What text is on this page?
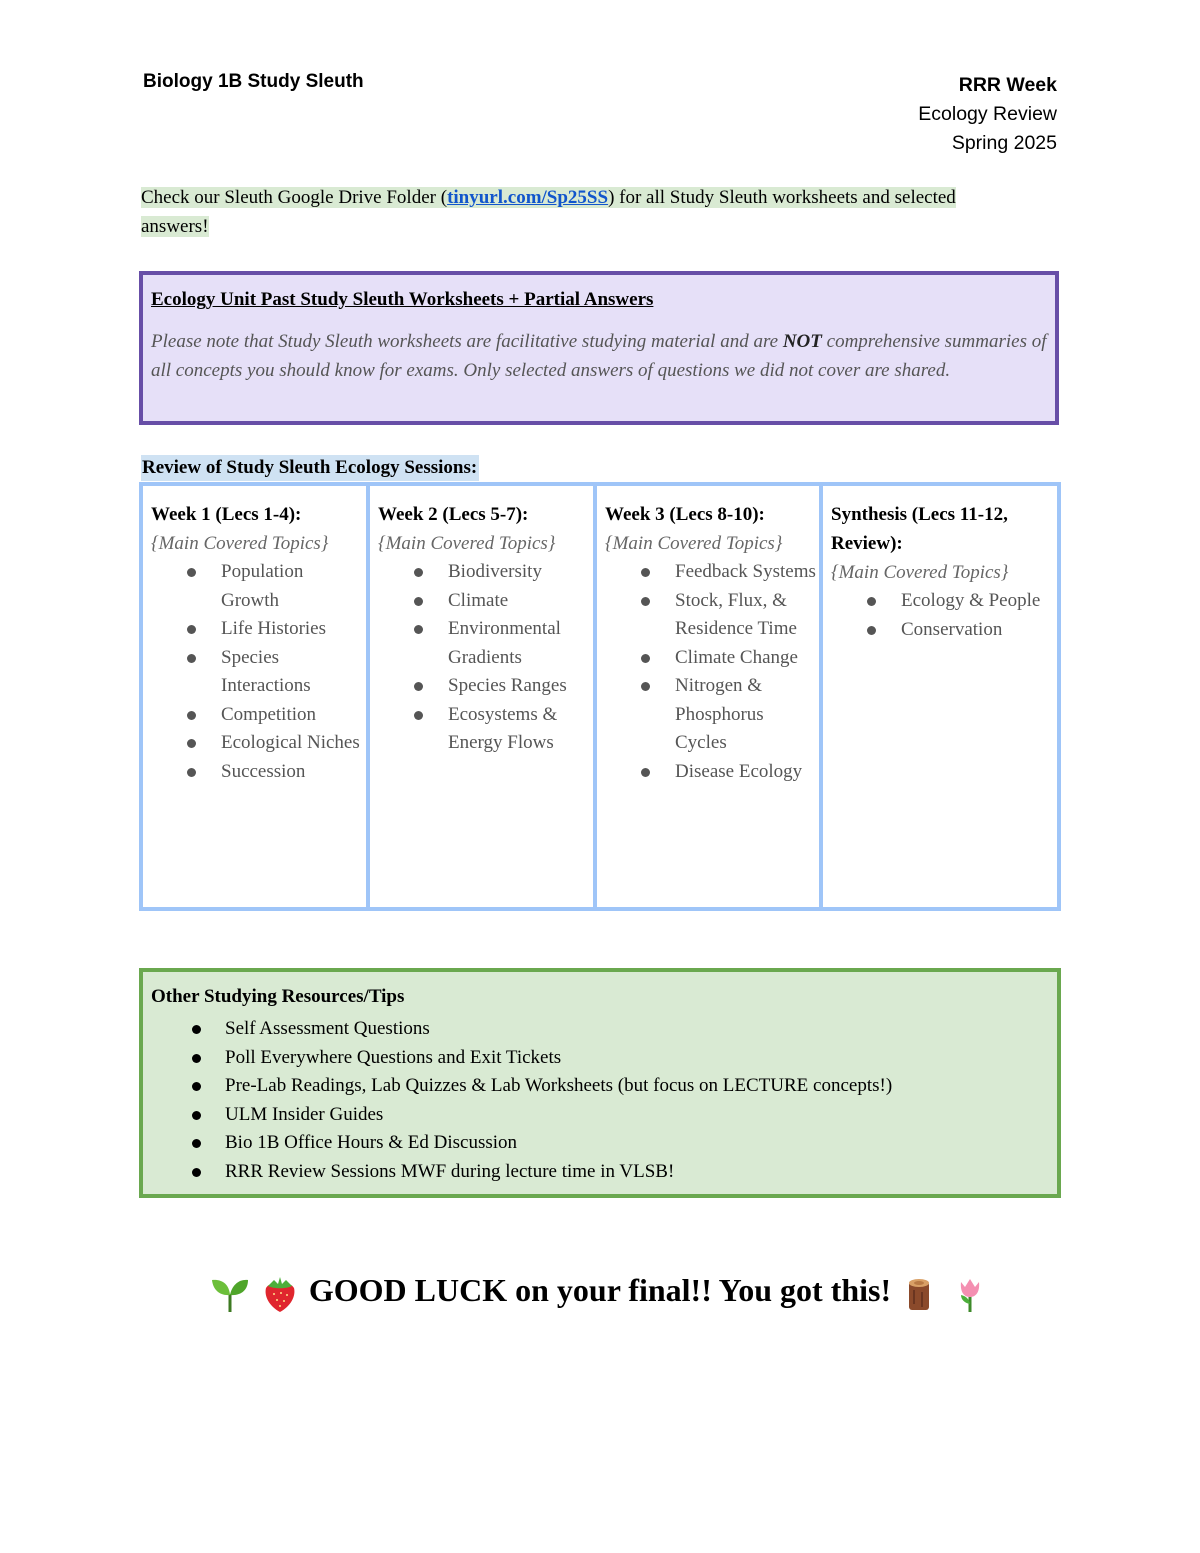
Biology 1B Study Sleuth	RRR Week
Ecology Review
Spring 2025
Check our Sleuth Google Drive Folder (tinyurl.com/Sp25SS) for all Study Sleuth worksheets and selected answers!
Ecology Unit Past Study Sleuth Worksheets + Partial Answers
Please note that Study Sleuth worksheets are facilitative studying material and are NOT comprehensive summaries of all concepts you should know for exams. Only selected answers of questions we did not cover are shared.
Review of Study Sleuth Ecology Sessions:
Week 1 (Lecs 1-4):
{Main Covered Topics}
Population Growth
Life Histories
Species Interactions
Competition
Ecological Niches
Succession
Week 2 (Lecs 5-7):
{Main Covered Topics}
Biodiversity
Climate
Environmental Gradients
Species Ranges
Ecosystems & Energy Flows
Week 3 (Lecs 8-10):
{Main Covered Topics}
Feedback Systems
Stock, Flux, & Residence Time
Climate Change
Nitrogen & Phosphorus Cycles
Disease Ecology
Synthesis (Lecs 11-12, Review):
{Main Covered Topics}
Ecology & People
Conservation
Other Studying Resources/Tips
Self Assessment Questions
Poll Everywhere Questions and Exit Tickets
Pre-Lab Readings, Lab Quizzes & Lab Worksheets (but focus on LECTURE concepts!)
ULM Insider Guides
Bio 1B Office Hours & Ed Discussion
RRR Review Sessions MWF during lecture time in VLSB!
GOOD LUCK on your final!! You got this!
